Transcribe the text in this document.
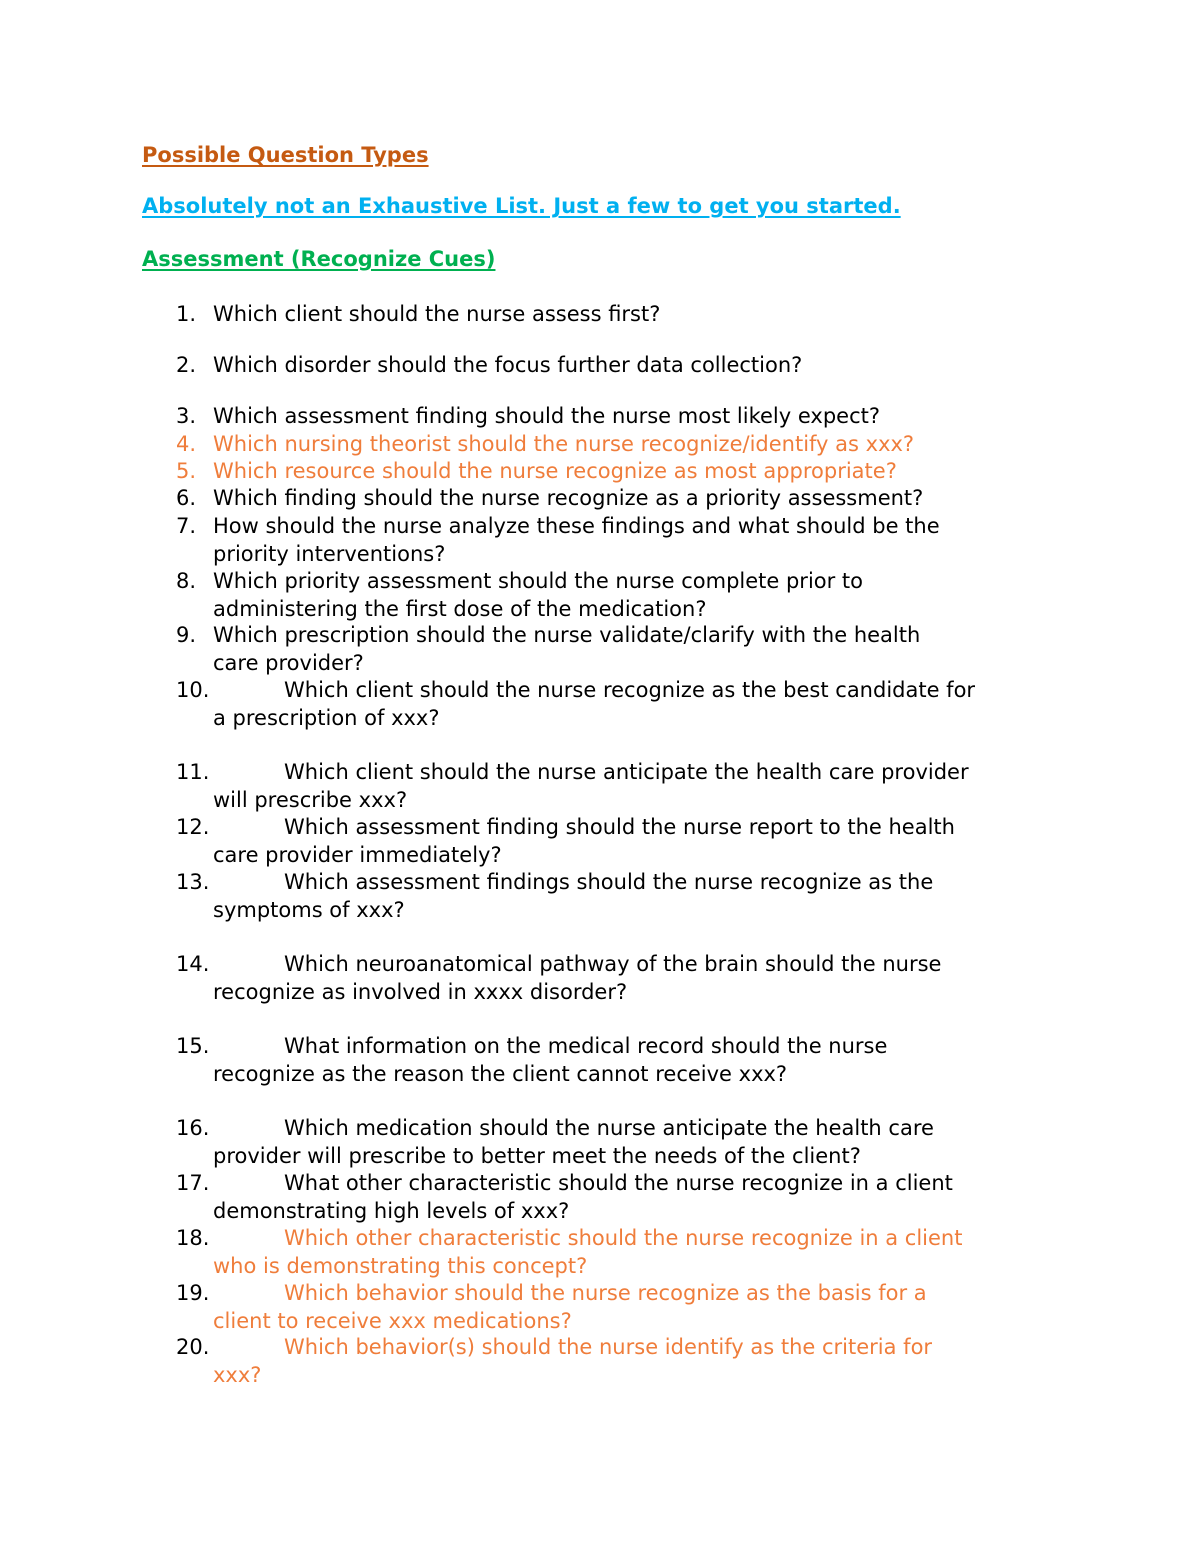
Possible Question Types
Absolutely not an Exhaustive List. Just a few to get you started.
Assessment (Recognize Cues)
1. Which client should the nurse assess first?
2. Which disorder should the focus further data collection?
3. Which assessment finding should the nurse most likely expect?
4. Which nursing theorist should the nurse recognize/identify as xxx?
5. Which resource should the nurse recognize as most appropriate?
6. Which finding should the nurse recognize as a priority assessment?
7. How should the nurse analyze these findings and what should be the
priority interventions?
8. Which priority assessment should the nurse complete prior to
administering the first dose of the medication?
9. Which prescription should the nurse validate/clarify with the health
care provider?
10.	Which client should the nurse recognize as the best candidate for
a prescription of xxx?
11.	Which client should the nurse anticipate the health care provider
will prescribe xxx?
12.	Which assessment finding should the nurse report to the health
care provider immediately?
13.	Which assessment findings should the nurse recognize as the
symptoms of xxx?
14.	Which neuroanatomical pathway of the brain should the nurse
recognize as involved in xxxx disorder?
15.	What information on the medical record should the nurse
recognize as the reason the client cannot receive xxx?
16.	Which medication should the nurse anticipate the health care
provider will prescribe to better meet the needs of the client?
17.	What other characteristic should the nurse recognize in a client
demonstrating high levels of xxx?
18.	Which other characteristic should the nurse recognize in a client
who is demonstrating this concept?
19.	Which behavior should the nurse recognize as the basis for a
client to receive xxx medications?
20.	Which behavior(s) should the nurse identify as the criteria for
xxx?
